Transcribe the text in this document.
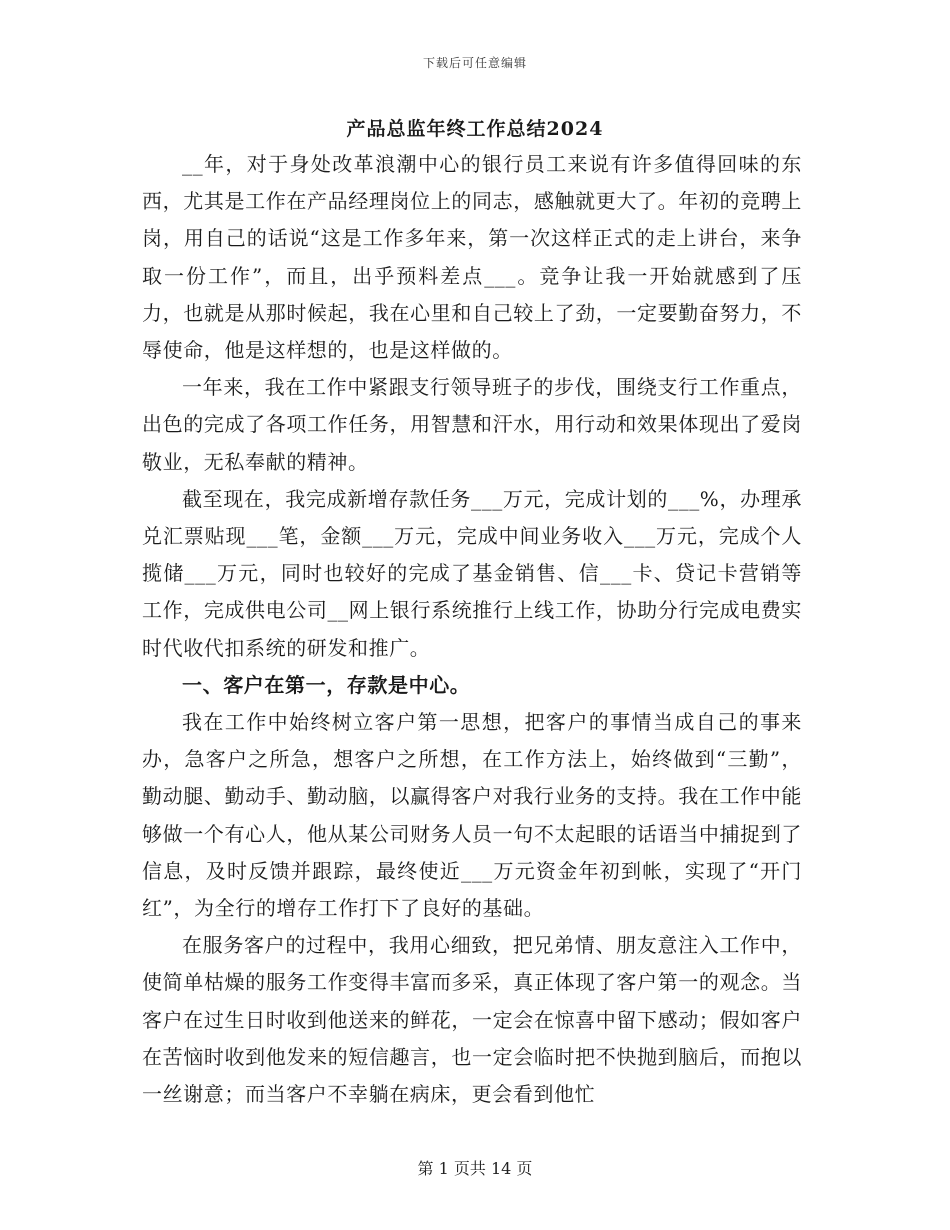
下载后可任意编辑
产品总监年终工作总结2024

__年，对于身处改革浪潮中心的银行员工来说有许多值得回味的东西，尤其是工作在产品经理岗位上的同志，感触就更大了。年初的竞聘上岗，用自己的话说“这是工作多年来，第一次这样正式的走上讲台，来争取一份工作”，而且，出乎预料差点___。竞争让我一开始就感到了压力，也就是从那时候起，我在心里和自己较上了劲，一定要勤奋努力，不辱使命，他是这样想的，也是这样做的。

一年来，我在工作中紧跟支行领导班子的步伐，围绕支行工作重点，出色的完成了各项工作任务，用智慧和汗水，用行动和效果体现出了爱岗敬业，无私奉献的精神。

截至现在，我完成新增存款任务___万元，完成计划的___%，办理承兑汇票贴现___笔，金额___万元，完成中间业务收入___万元，完成个人揽储___万元，同时也较好的完成了基金销售、信___卡、贷记卡营销等工作，完成供电公司__网上银行系统推行上线工作，协助分行完成电费实时代收代扣系统的研发和推广。

一、客户在第一，存款是中心。

我在工作中始终树立客户第一思想，把客户的事情当成自己的事来办，急客户之所急，想客户之所想，在工作方法上，始终做到“三勤”，勤动腿、勤动手、勤动脑，以赢得客户对我行业务的支持。我在工作中能够做一个有心人，他从某公司财务人员一句不太起眼的话语当中捕捉到了信息，及时反馈并跟踪，最终使近___万元资金年初到帐，实现了“开门红”，为全行的增存工作打下了良好的基础。

在服务客户的过程中，我用心细致，把兄弟情、朋友意注入工作中，使简单枯燥的服务工作变得丰富而多采，真正体现了客户第一的观念。当客户在过生日时收到他送来的鲜花，一定会在惊喜中留下感动；假如客户在苦恼时收到他发来的短信趣言，也一定会临时把不快抛到脑后，而抱以一丝谢意；而当客户不幸躺在病床，更会看到他忙

第 1 页共 14 页
